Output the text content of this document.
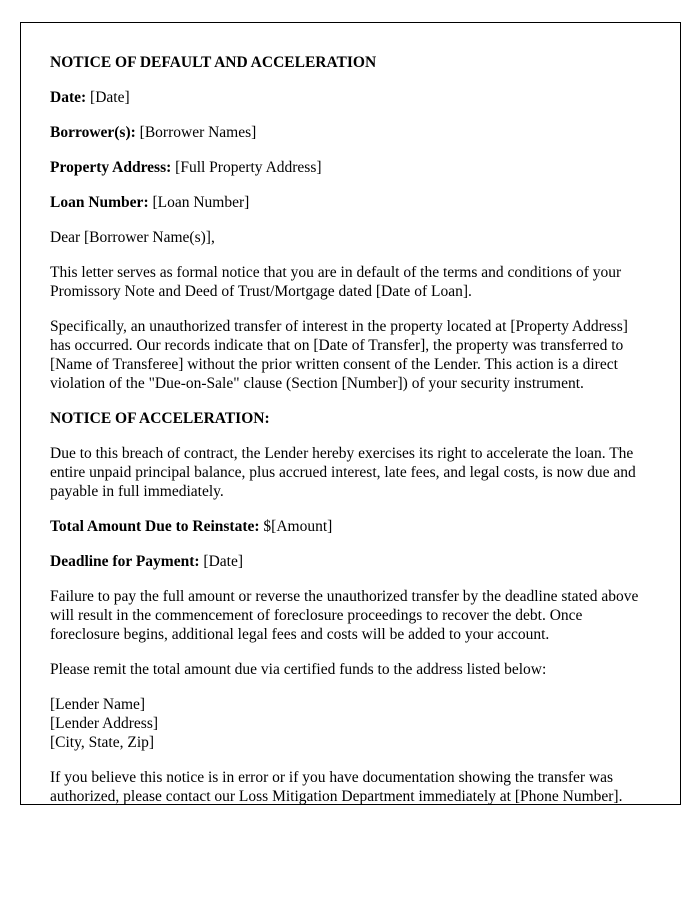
NOTICE OF DEFAULT AND ACCELERATION
Date: [Date]
Borrower(s): [Borrower Names]
Property Address: [Full Property Address]
Loan Number: [Loan Number]
Dear [Borrower Name(s)],
This letter serves as formal notice that you are in default of the terms and conditions of your Promissory Note and Deed of Trust/Mortgage dated [Date of Loan].
Specifically, an unauthorized transfer of interest in the property located at [Property Address] has occurred. Our records indicate that on [Date of Transfer], the property was transferred to [Name of Transferee] without the prior written consent of the Lender. This action is a direct violation of the "Due-on-Sale" clause (Section [Number]) of your security instrument.
NOTICE OF ACCELERATION:
Due to this breach of contract, the Lender hereby exercises its right to accelerate the loan. The entire unpaid principal balance, plus accrued interest, late fees, and legal costs, is now due and payable in full immediately.
Total Amount Due to Reinstate: $[Amount]
Deadline for Payment: [Date]
Failure to pay the full amount or reverse the unauthorized transfer by the deadline stated above will result in the commencement of foreclosure proceedings to recover the debt. Once foreclosure begins, additional legal fees and costs will be added to your account.
Please remit the total amount due via certified funds to the address listed below:
[Lender Name]
[Lender Address]
[City, State, Zip]
If you believe this notice is in error or if you have documentation showing the transfer was authorized, please contact our Loss Mitigation Department immediately at [Phone Number].
